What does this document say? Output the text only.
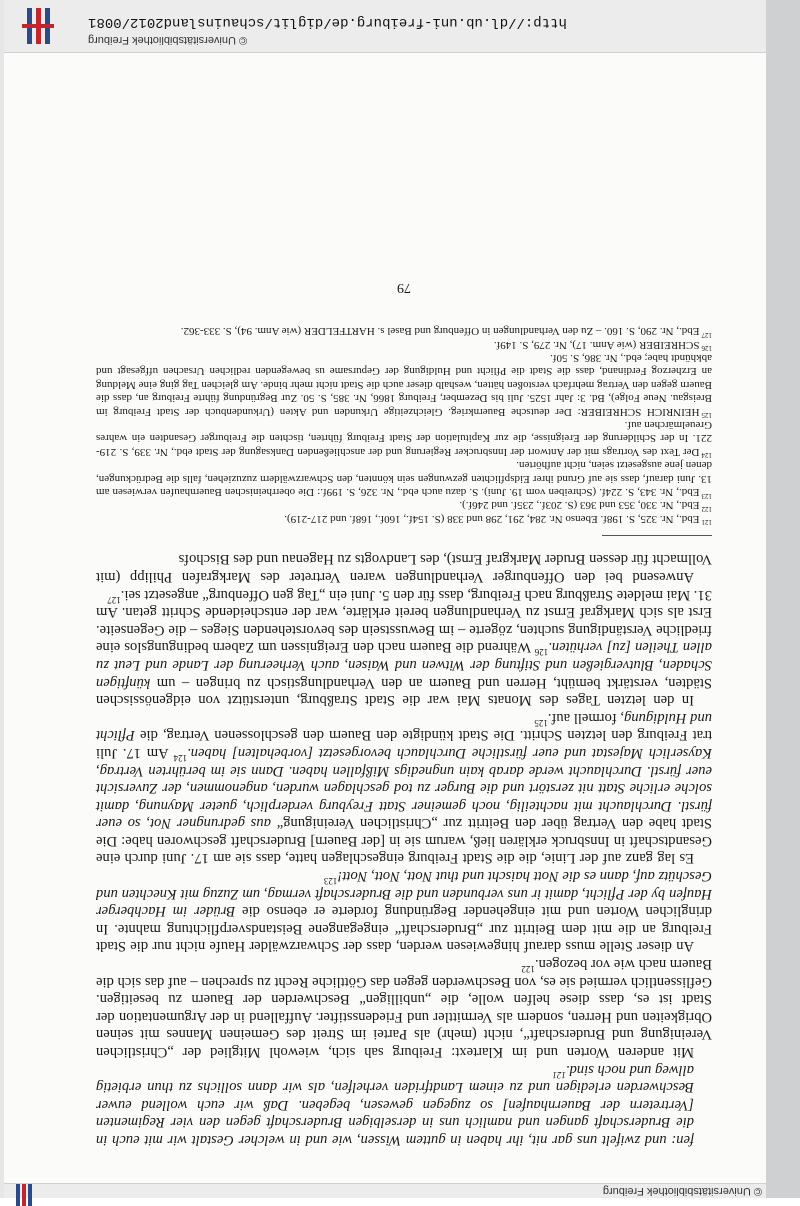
© Universitätsbibliothek Freiburg

fen: und zwifelt uns gar nit, ihr haben in guttem Wissen, wie und in welcher Gestalt wir mit euch in die Bruderschaft gangen und namlich uns in derselbigen Bruderschaft gegen den vier Regimenten [Vertretern der Bauernhaufen] so zugegen gewesen, begeben. Daß wir euch wollend euwer Beschwerden erledigen und zu einem Landtfriden verhelfen, als wir dann sollichs zu thun erbietig allweg und noch sind.$^{121}$

Mit anderen Worten und im Klartext: Freiburg sah sich, wiewohl Mitglied der „Christlichen Vereinigung und Bruderschaft“, nicht (mehr) als Partei im Streit des Gemeinen Mannes mit seinen Obrigkeiten und Herren, sondern als Vermittler und Friedensstifter. Auffallend in der Argumentation der Stadt ist es, dass diese helfen wolle, die „unbilligen“ Beschwerden der Bauern zu beseitigen. Geflissentlich vermied sie es, von Beschwerden gegen das Göttliche Recht zu sprechen – auf das sich die Bauern nach wie vor bezogen.$^{122}$

An dieser Stelle muss darauf hingewiesen werden, dass der Schwarzwälder Haufe nicht nur die Stadt Freiburg an die mit dem Beitritt zur „Bruderschaft“ eingegangene Beistandsverpflichtung mahnte. In dringlichen Worten und mit eingehender Begründung forderte er ebenso die Brüder im Hachberger Haufen by der Pflicht, damit ir uns verbunden und die Bruderschaft vermag, um Zuzug mit Knechten und Geschütz auf, dann es die Nott haischt und thut Nott, Nott, Nott!$^{123}$

Es lag ganz auf der Linie, die die Stadt Freiburg eingeschlagen hatte, dass sie am 17. Juni durch eine Gesandtschaft in Innsbruck erklären ließ, warum sie in [der Bauern] Bruderschaft geschworen habe: Die Stadt habe den Vertrag über den Beitritt zur „Christlichen Vereinigung“ aus gedrungner Not, so euer fürstl. Durchlaucht mit nachteilig, noch gemeiner Statt Freyburg verderplich, gueter Maynung, damit solche erliche Statt nit zerstört und die Burger zu tod geschlagen wurden, angenommen, der Zuversicht euer fürstl. Durchlaucht werde darab kain ungnedigs Mißfallen haben. Dann sie im berührten Vertrag, Kayserlich Majestat und euer fürstliche Durchlauch bevorgesetzt [vorbehalten] haben.$^{124}$ Am 17. Juli trat Freiburg den letzten Schritt. Die Stadt kündigte den Bauern den geschlossenen Vertrag, die Pflicht und Huldigung, formell auf.$^{125}$

In den letzten Tages des Monats Mai war die Stadt Straßburg, unterstützt von eidgenössischen Städten, verstärkt bemüht, Herren und Bauern an den Verhandlungstisch zu bringen – um künftigen Schaden, Blutvergießen und Stiftung der Witwen und Waisen, auch Verheerung der Lande und Leut zu allen Theilen [zu] verhüten.$^{126}$ Während die Bauern nach den Ereignissen um Zabern bedingungslos eine friedliche Verständigung suchten, zögerte – im Bewusstsein des bevorstehenden Sieges – die Gegenseite. Erst als sich Markgraf Ernst zu Verhandlungen bereit erklärte, war der entscheidende Schritt getan. Am 31. Mai meldete Straßburg nach Freiburg, dass für den 5. Juni ein „Tag gen Offenburg“ angesetzt sei.$^{127}$

Anwesend bei den Offenburger Verhandlungen waren Vertreter des Markgrafen Philipp (mit Vollmacht für dessen Bruder Markgraf Ernst), des Landvogts zu Hagenau und des Bischofs

$^{121}$Ebd., Nr. 325, S. 198f. Ebenso Nr. 284, 291, 298 und 338 (S. 154f., 160f., 168f. und 217-219).

$^{122}$Ebd., Nr. 330, 353 und 363 (S. 203f., 235f. und 246f.).

$^{123}$Ebd., Nr. 343, S. 224f. (Schreiben vom 19. Juni). S. dazu auch ebd., Nr. 326, S. 199f.: Die oberrheinischen Bauernhaufen verwiesen am 13. Juni darauf, dass sie auf Grund ihrer Eidspflichten gezwungen sein könnten, den Schwarzwäldern zuzuziehen, falls die Bedrückungen, denen jene ausgesetzt seien, nicht aufhörten.

$^{124}$Der Text des Vortrags mit der Antwort der Innsbrucker Regierung und der anschließenden Danksagung der Stadt ebd., Nr. 339, S. 219-221. In der Schilderung der Ereignisse, die zur Kapitulation der Stadt Freiburg führten, tischten die Freiburger Gesandten ein wahres Greuelmärchen auf.

$^{125}$HEINRICH SCHREIBER: Der deutsche Bauernkrieg. Gleichzeitige Urkunden und Akten (Urkundenbuch der Stadt Freiburg im Breisgau. Neue Folge), Bd. 3: Jahr 1525. Juli bis Dezember, Freiburg 1866, Nr. 385, S. 50. Zur Begründung führte Freiburg an, dass die Bauern gegen den Vertrag mehrfach verstoßen hätten, weshalb dieser auch die Stadt nicht mehr binde. Am gleichen Tag ging eine Meldung an Erzherzog Ferdinand, dass die Stadt die Pflicht und Huldigung der Gepursame us bewegenden redlichen Ursachen uffgesagt und abkhündt habe; ebd., Nr. 386, S. 50f.

$^{126}$SCHREIBER (wie Anm. 17), Nr. 279, S. 149f.

$^{127}$Ebd., Nr. 290, S. 160. – Zu den Verhandlungen in Offenburg und Basel s. HARTFELDER (wie Anm. 94), S. 333-362.

79
© Universitätsbibliothek Freiburg
http://dl.ub.uni-freiburg.de/diglit/schauinsland2012/0081
